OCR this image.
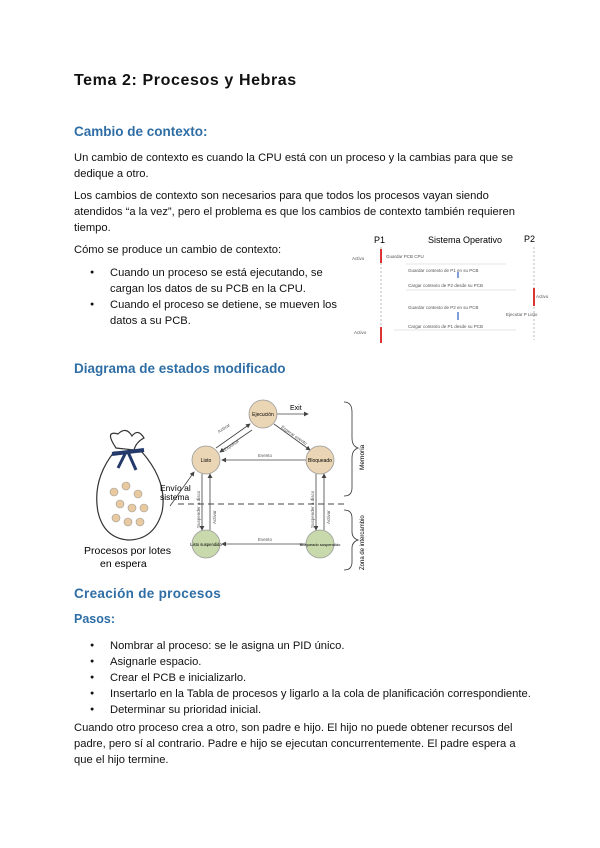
Tema 2: Procesos y Hebras
Cambio de contexto:
Un cambio de contexto es cuando la CPU está con un proceso y la cambias para que se dedique a otro.
Los cambios de contexto son necesarios para que todos los procesos vayan siendo atendidos “a la vez”, pero el problema es que los cambios de contexto también requieren tiempo.
Cómo se produce un cambio de contexto:
● Cuando un proceso se está ejecutando, se cargan los datos de su PCB en la CPU.
● Cuando el proceso se detiene, se mueven los datos a su PCB.
P1	Sistema Operativo P2
Activo	Guardar PCB CPU
Guardar contexto de P1 en su PCB
Cargar contexto de P2 desde su PCB
Activo
Guardar contexto de P2 en su PCB
Ejecutar P Listo
Cargar contexto de P1 desde su PCB
Activo
Diagrama de estados modificado
Procesos por lotes
en espera
Envío al
sistema
Activar
Expulsar	Esperar evento
Exit
Evento
Evento
Suspender a disco Activar	Suspender a disco Activar
Ejecución
Listo	Bloqueado
Listo suspendido	Bloqueado suspendido
Memoria
Zona de intercambio
Creación de procesos
Pasos:
● Nombrar al proceso: se le asigna un PID único.
● Asignarle espacio.
● Crear el PCB e inicializarlo.
● Insertarlo en la Tabla de procesos y ligarlo a la cola de planificación correspondiente.
● Determinar su prioridad inicial.
Cuando otro proceso crea a otro, son padre e hijo. El hijo no puede obtener recursos del padre, pero sí al contrario. Padre e hijo se ejecutan concurrentemente. El padre espera a que el hijo termine.
